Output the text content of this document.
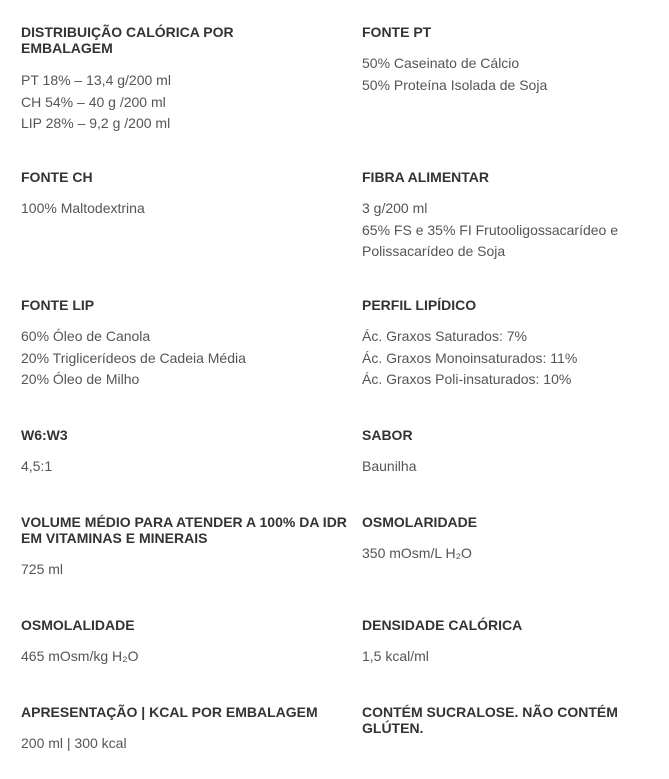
DISTRIBUIÇÃO CALÓRICA POR EMBALAGEM
PT 18% – 13,4 g/200 ml
CH 54% – 40 g /200 ml
LIP 28% – 9,2 g /200 ml
FONTE CH
100% Maltodextrina
FONTE LIP
60% Óleo de Canola
20% Triglicerídeos de Cadeia Média
20% Óleo de Milho
W6:W3
4,5:1
VOLUME MÉDIO PARA ATENDER A 100% DA IDR EM VITAMINAS E MINERAIS
725 ml
OSMOLALIDADE
465 mOsm/kg H₂O
APRESENTAÇÃO | KCAL POR EMBALAGEM
200 ml | 300 kcal
FONTE PT
50% Caseinato de Cálcio
50% Proteína Isolada de Soja
FIBRA ALIMENTAR
3 g/200 ml
65% FS e 35% FI Frutooligossacarídeo e
Polissacarídeo de Soja
PERFIL LIPÍDICO
Ác. Graxos Saturados: 7%
Ác. Graxos Monoinsaturados: 11%
Ác. Graxos Poli-insaturados: 10%
SABOR
Baunilha
OSMOLARIDADE
350 mOsm/L H₂O
DENSIDADE CALÓRICA
1,5 kcal/ml
CONTÉM SUCRALOSE. NÃO CONTÉM GLÚTEN.
